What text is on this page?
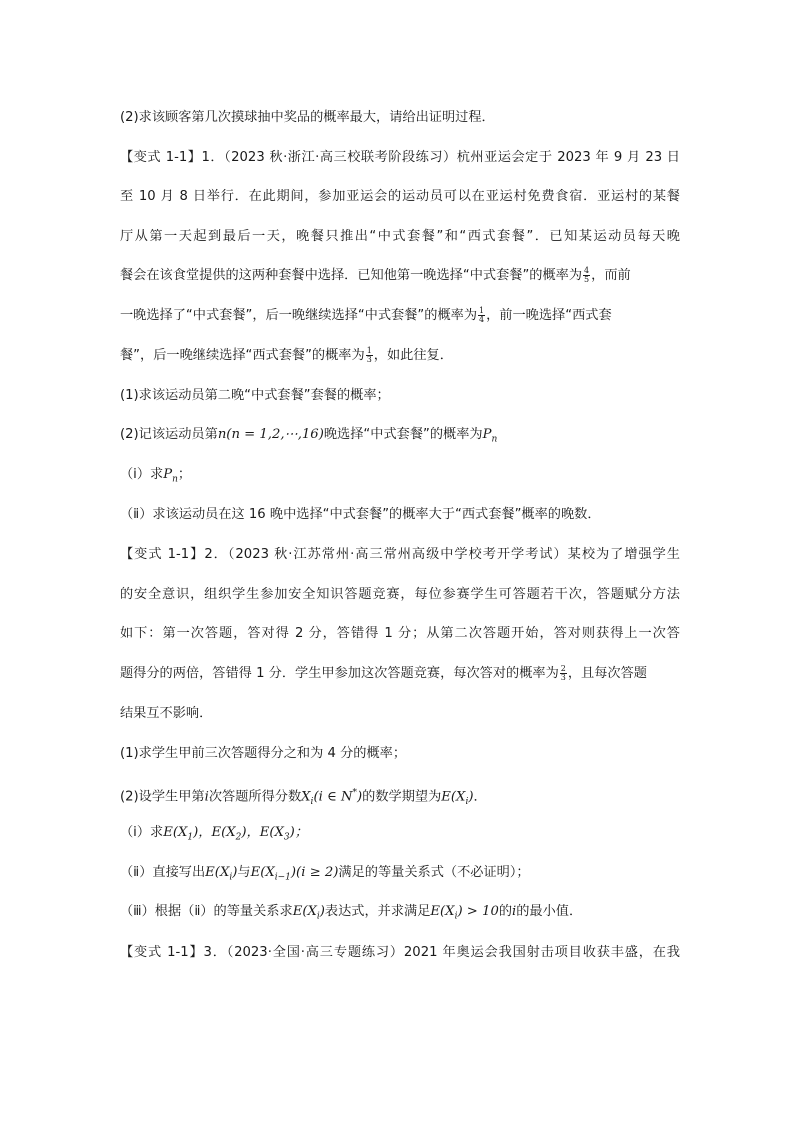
(2)求该顾客第几次摸球抽中奖品的概率最大，请给出证明过程．
【变式 1-1】1．（2023 秋·浙江·高三校联考阶段练习）杭州亚运会定于 2023 年 9 月 23 日
至 10 月 8 日举行．在此期间，参加亚运会的运动员可以在亚运村免费食宿．亚运村的某餐
厅从第一天起到最后一天，晚餐只推出“中式套餐”和“西式套餐”．已知某运动员每天晚
餐会在该食堂提供的这两种套餐中选择．已知他第一晚选择“中式套餐”的概率为 $\frac{4}{5}$ ，而前
一晚选择了“中式套餐”，后一晚继续选择“中式套餐”的概率为 $\frac{1}{4}$ ，前一晚选择“西式套
餐”，后一晚继续选择“西式套餐”的概率为 $\frac{1}{3}$ ，如此往复．
(1)求该运动员第二晚“中式套餐”套餐的概率；
(2)记该运动员第n(n = 1,2,⋯,16)晚选择“中式套餐”的概率为$P_n$
（ⅰ）求$P_n$；
（ⅱ）求该运动员在这 16 晚中选择“中式套餐”的概率大于“西式套餐”概率的晚数．
【变式 1-1】2．（2023 秋·江苏常州·高三常州高级中学校考开学考试）某校为了增强学生
的安全意识，组织学生参加安全知识答题竞赛，每位参赛学生可答题若干次，答题赋分方法
如下：第一次答题，答对得 2 分，答错得 1 分；从第二次答题开始，答对则获得上一次答
题得分的两倍，答错得 1 分．学生甲参加这次答题竞赛，每次答对的概率为 $\frac{2}{3}$ ，且每次答题
结果互不影响．
(1)求学生甲前三次答题得分之和为 4 分的概率；
(2)设学生甲第i次答题所得分数$X_i(i$ ∈ N*)的数学期望为$E(X_i)$．
（ⅰ）求$E(X_1)$，$E(X_2)$，$E(X_3)$；
（ⅱ）直接写出$E(X_i)$与$E(X_{i-1})(i \ge 2)$满足的等量关系式（不必证明）；
（ⅲ）根据（ⅱ）的等量关系求$E(X_i)$表达式，并求满足$E(X_i) > 10$的i的最小值．
【变式 1-1】3．（2023·全国·高三专题练习）2021 年奥运会我国射击项目收获丰盛，在我
